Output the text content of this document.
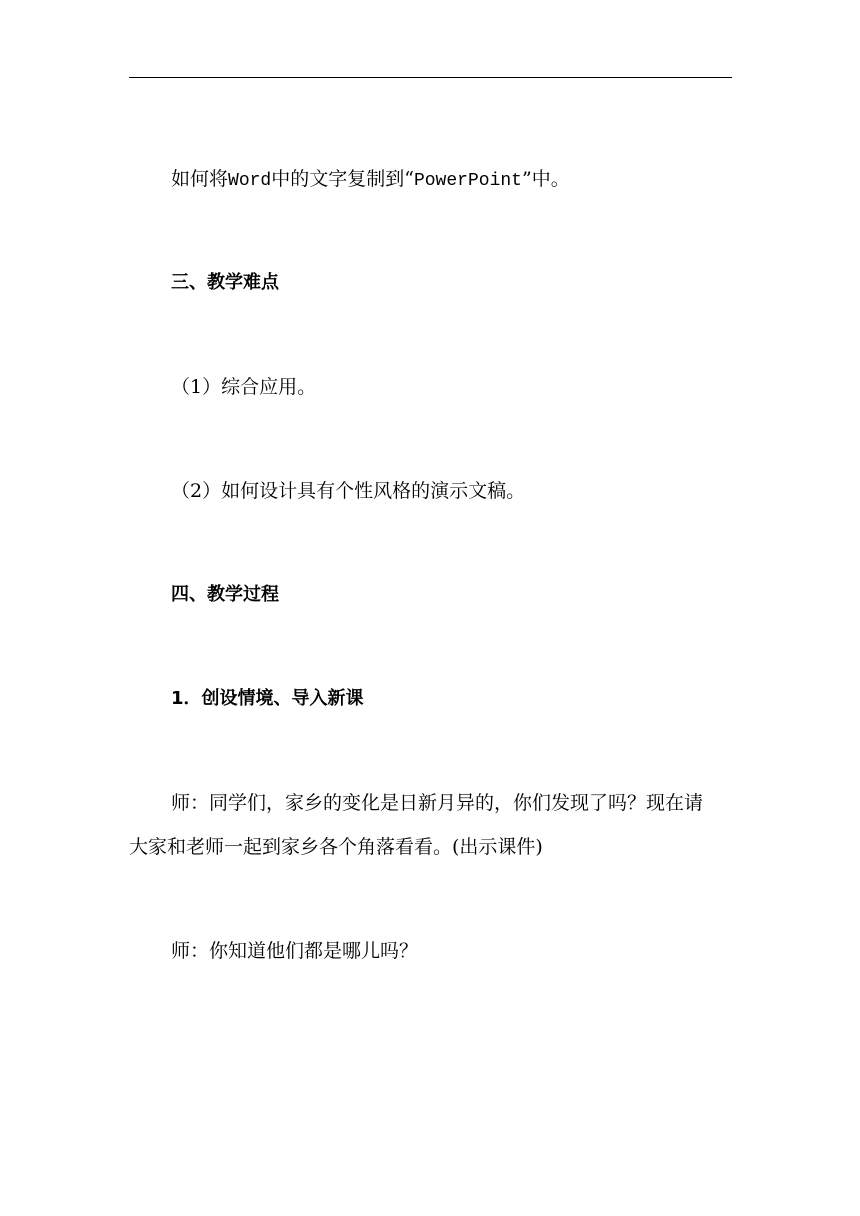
如何将Word中的文字复制到“PowerPoint”中。
三、教学难点
（1）综合应用。
（2）如何设计具有个性风格的演示文稿。
四、教学过程
1．创设情境、导入新课
师：同学们，家乡的变化是日新月异的，你们发现了吗？现在请
大家和老师一起到家乡各个角落看看。(出示课件)
师：你知道他们都是哪儿吗？
